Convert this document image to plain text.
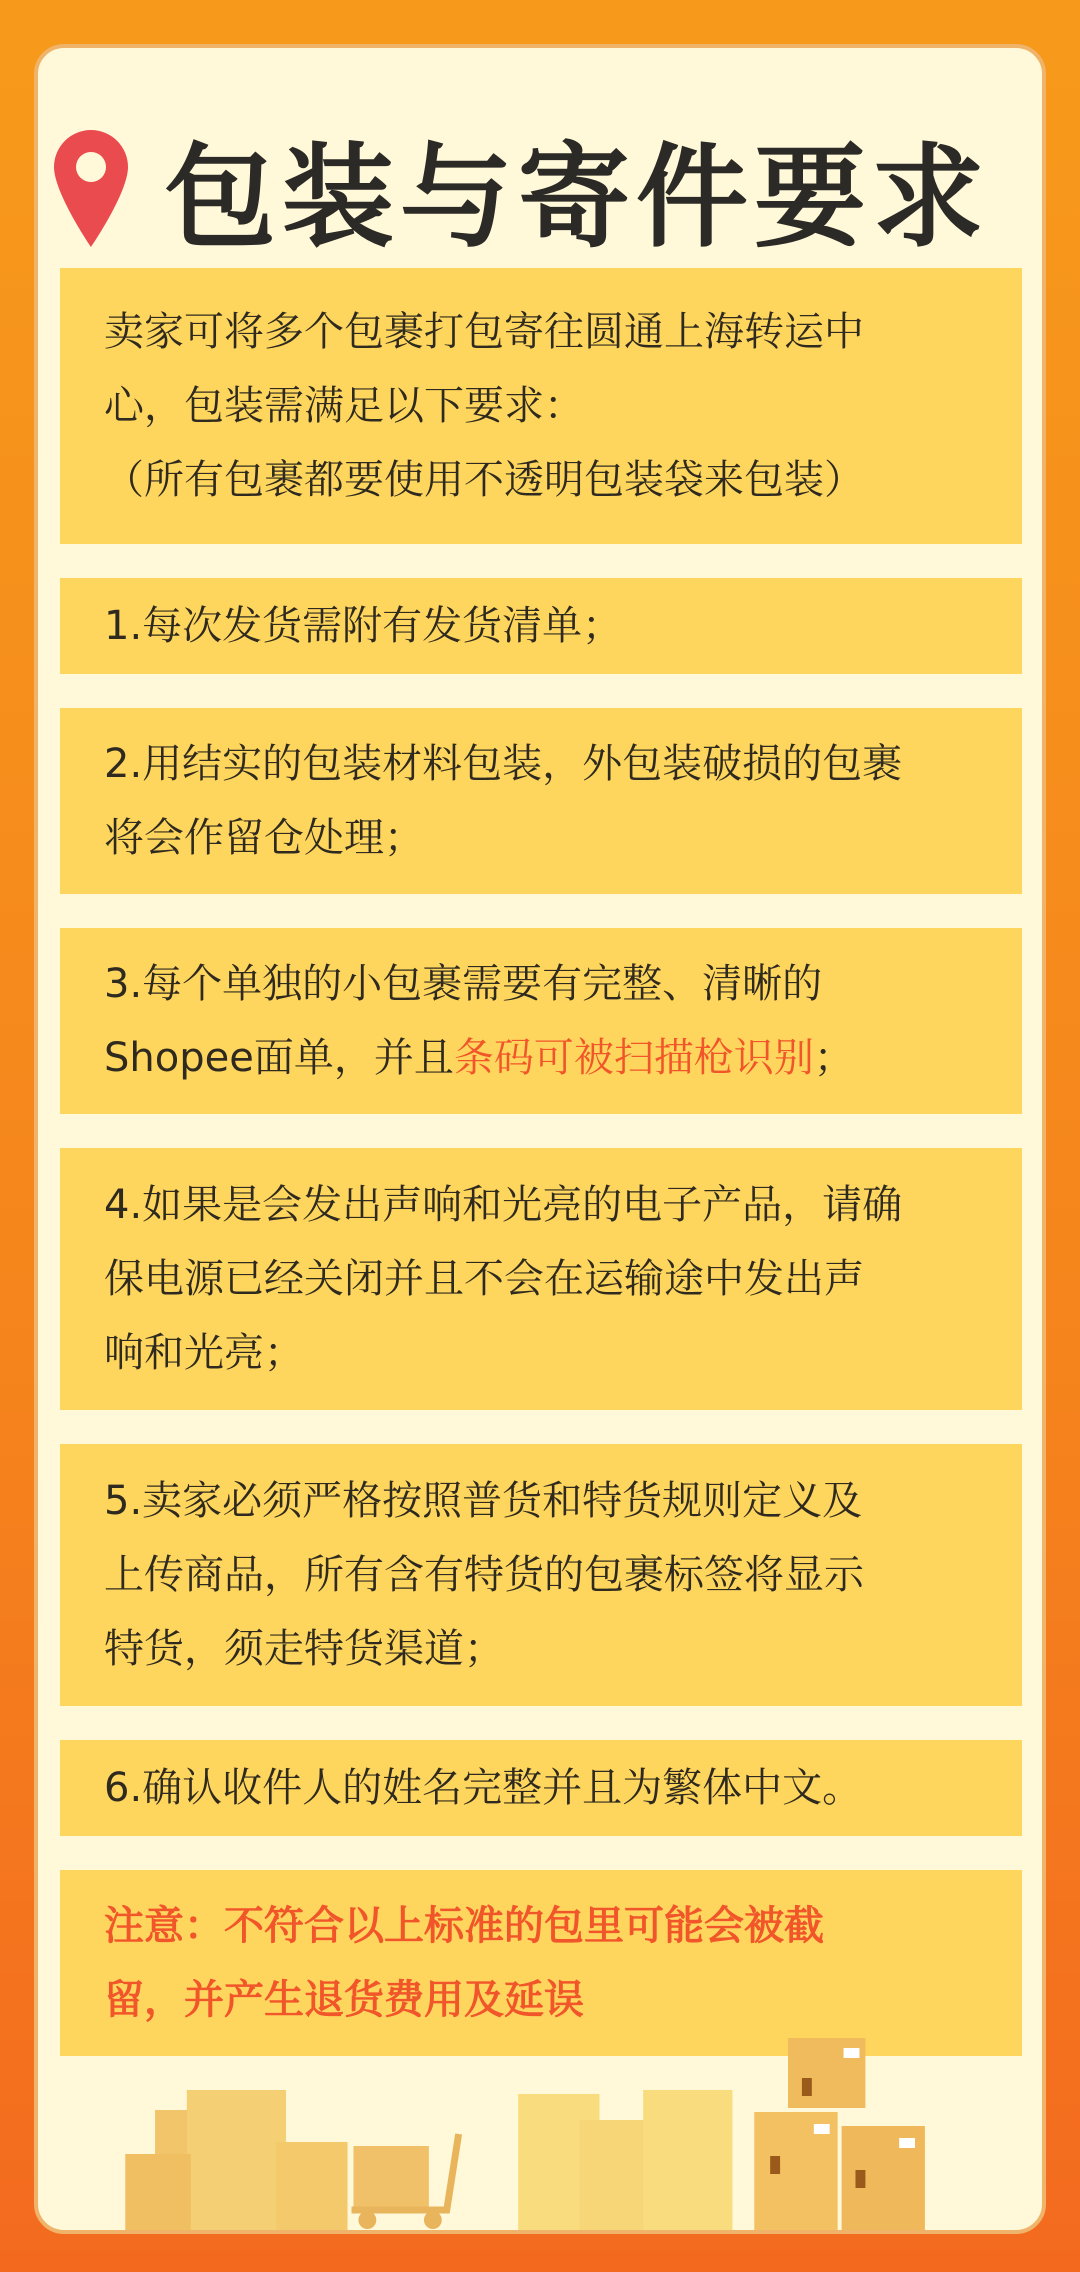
包装与寄件要求

卖家可将多个包裹打包寄往圆通上海转运中

心，包装需满足以下要求：

（所有包裹都要使用不透明包装袋来包装）

1.每次发货需附有发货清单；

2.用结实的包装材料包装，外包装破损的包裹

将会作留仓处理；

3.每个单独的小包裹需要有完整、清晰的

Shopee面单，并且条码可被扫描枪识别；

4.如果是会发出声响和光亮的电子产品，请确

保电源已经关闭并且不会在运输途中发出声

响和光亮；

5.卖家必须严格按照普货和特货规则定义及

上传商品，所有含有特货的包裹标签将显示

特货，须走特货渠道；

6.确认收件人的姓名完整并且为繁体中文。

注意：不符合以上标准的包里可能会被截

留，并产生退货费用及延误
